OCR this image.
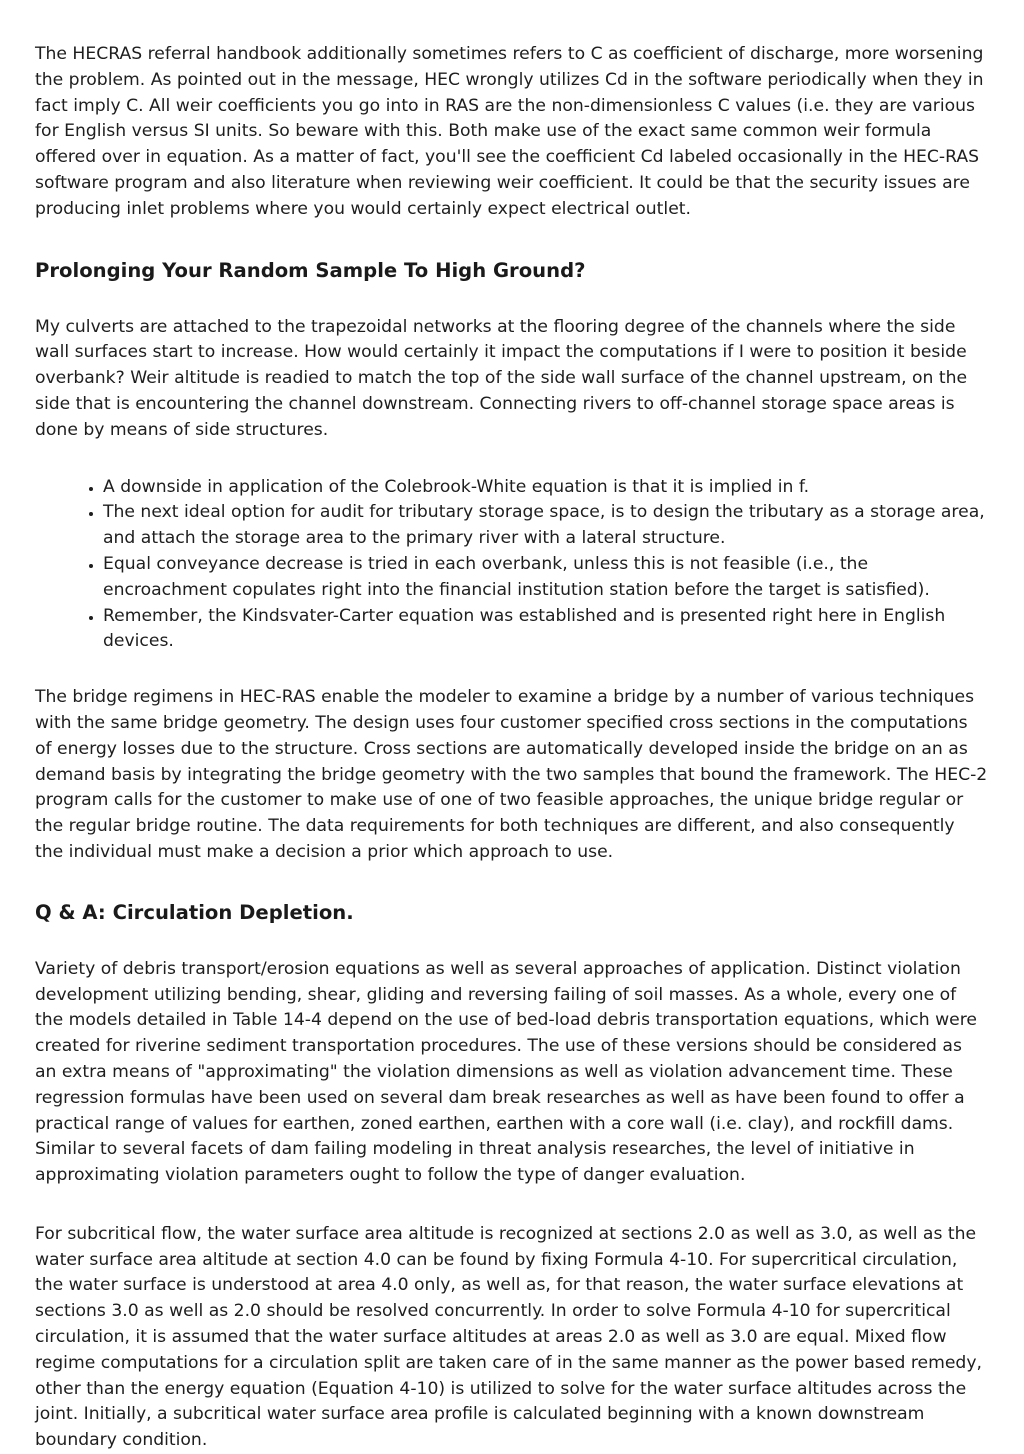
The HECRAS referral handbook additionally sometimes refers to C as coefficient of discharge, more worsening the problem. As pointed out in the message, HEC wrongly utilizes Cd in the software periodically when they in fact imply C. All weir coefficients you go into in RAS are the non-dimensionless C values (i.e. they are various for English versus SI units. So beware with this. Both make use of the exact same common weir formula offered over in equation. As a matter of fact, you'll see the coefficient Cd labeled occasionally in the HEC-RAS software program and also literature when reviewing weir coefficient. It could be that the security issues are producing inlet problems where you would certainly expect electrical outlet.

Prolonging Your Random Sample To High Ground?

My culverts are attached to the trapezoidal networks at the flooring degree of the channels where the side wall surfaces start to increase. How would certainly it impact the computations if I were to position it beside overbank? Weir altitude is readied to match the top of the side wall surface of the channel upstream, on the side that is encountering the channel downstream. Connecting rivers to off-channel storage space areas is done by means of side structures.

• A downside in application of the Colebrook-White equation is that it is implied in f.
• The next ideal option for audit for tributary storage space, is to design the tributary as a storage area, and attach the storage area to the primary river with a lateral structure.
• Equal conveyance decrease is tried in each overbank, unless this is not feasible (i.e., the encroachment copulates right into the financial institution station before the target is satisfied).
• Remember, the Kindsvater-Carter equation was established and is presented right here in English devices.

The bridge regimens in HEC-RAS enable the modeler to examine a bridge by a number of various techniques with the same bridge geometry. The design uses four customer specified cross sections in the computations of energy losses due to the structure. Cross sections are automatically developed inside the bridge on an as demand basis by integrating the bridge geometry with the two samples that bound the framework. The HEC-2 program calls for the customer to make use of one of two feasible approaches, the unique bridge regular or the regular bridge routine. The data requirements for both techniques are different, and also consequently the individual must make a decision a prior which approach to use.

Q & A: Circulation Depletion.

Variety of debris transport/erosion equations as well as several approaches of application. Distinct violation development utilizing bending, shear, gliding and reversing failing of soil masses. As a whole, every one of the models detailed in Table 14-4 depend on the use of bed-load debris transportation equations, which were created for riverine sediment transportation procedures. The use of these versions should be considered as an extra means of "approximating" the violation dimensions as well as violation advancement time. These regression formulas have been used on several dam break researches as well as have been found to offer a practical range of values for earthen, zoned earthen, earthen with a core wall (i.e. clay), and rockfill dams. Similar to several facets of dam failing modeling in threat analysis researches, the level of initiative in approximating violation parameters ought to follow the type of danger evaluation.

For subcritical flow, the water surface area altitude is recognized at sections 2.0 as well as 3.0, as well as the water surface area altitude at section 4.0 can be found by fixing Formula 4-10. For supercritical circulation, the water surface is understood at area 4.0 only, as well as, for that reason, the water surface elevations at sections 3.0 as well as 2.0 should be resolved concurrently. In order to solve Formula 4-10 for supercritical circulation, it is assumed that the water surface altitudes at areas 2.0 as well as 3.0 are equal. Mixed flow regime computations for a circulation split are taken care of in the same manner as the power based remedy, other than the energy equation (Equation 4-10) is utilized to solve for the water surface altitudes across the joint. Initially, a subcritical water surface area profile is calculated beginning with a known downstream boundary condition.
